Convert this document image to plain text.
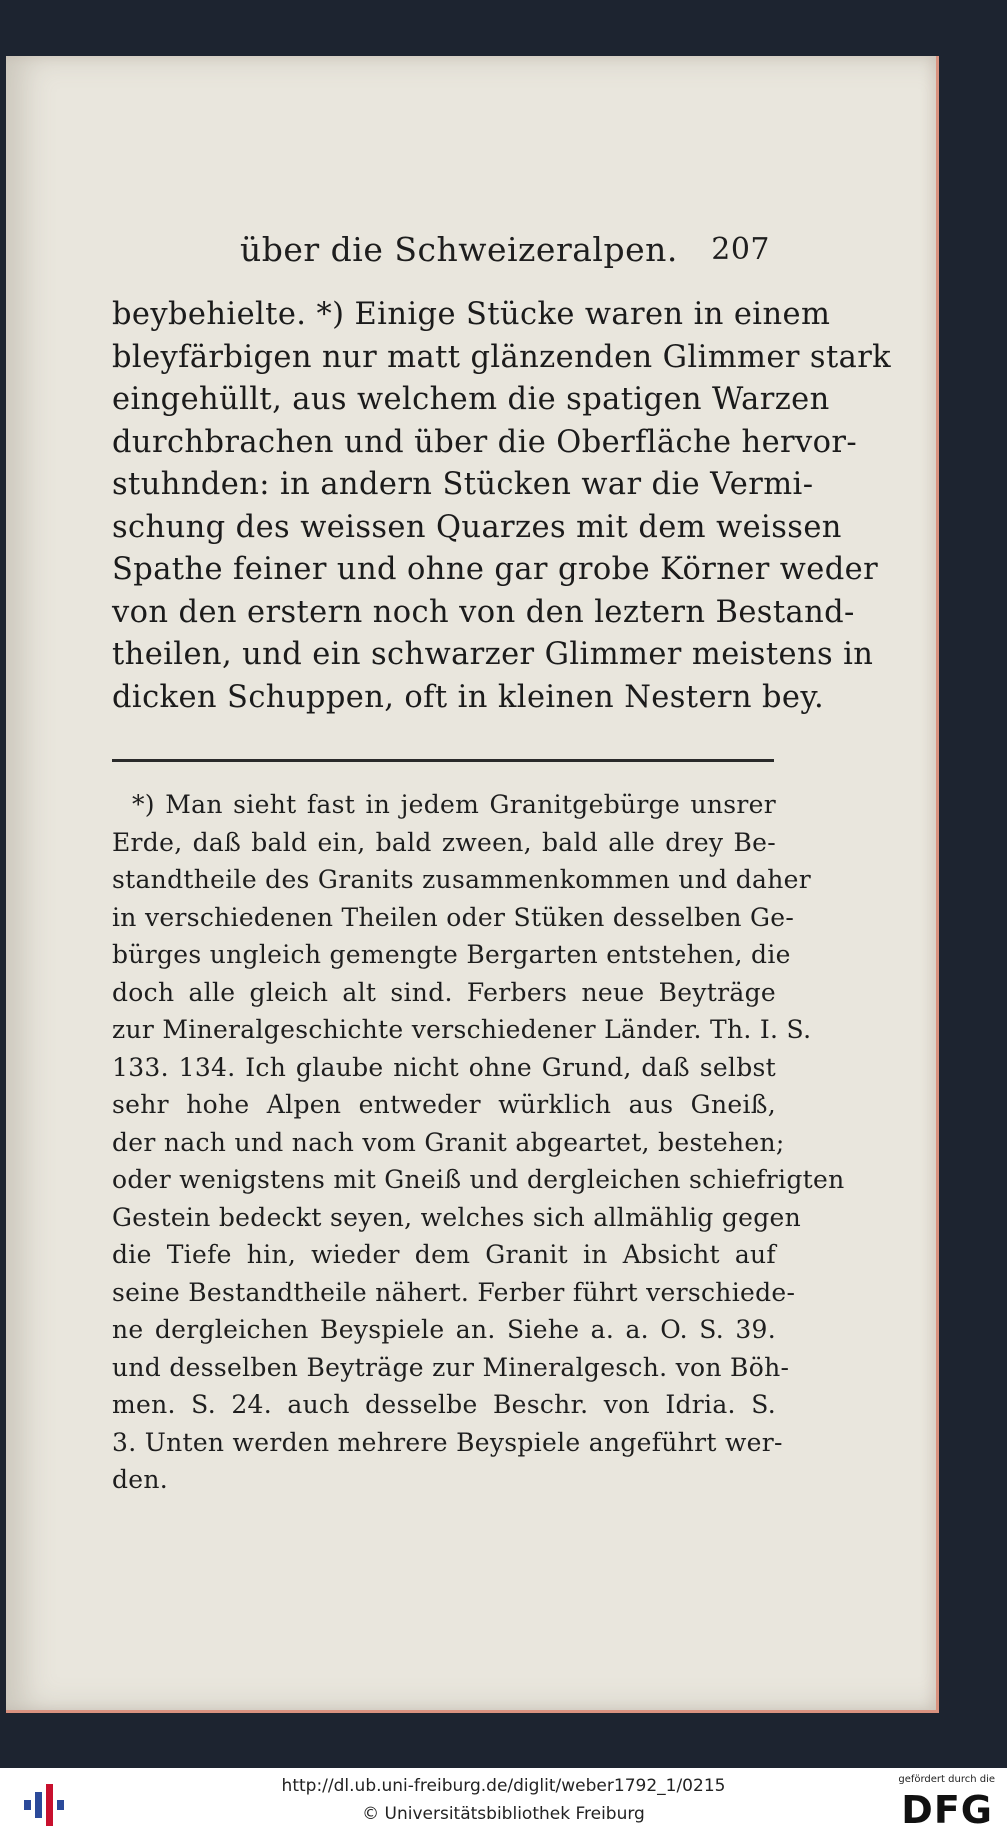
über die Schweizeralpen. 207
beybehielte. *) Einige Stücke waren in einem
bleyfärbigen nur matt glänzenden Glimmer stark
eingehüllt, aus welchem die spatigen Warzen
durchbrachen und über die Oberfläche hervor-
stuhnden: in andern Stücken war die Vermi-
schung des weissen Quarzes mit dem weissen
Spathe feiner und ohne gar grobe Körner weder
von den erstern noch von den leztern Bestand-
theilen, und ein schwarzer Glimmer meistens in
dicken Schuppen, oft in kleinen Nestern bey.
*) Man sieht fast in jedem Granitgebürge unsrer
Erde, daß bald ein, bald zween, bald alle drey Be-
standtheile des Granits zusammenkommen und daher
in verschiedenen Theilen oder Stüken desselben Ge-
bürges ungleich gemengte Bergarten entstehen, die
doch alle gleich alt sind. Ferbers neue Beyträge
zur Mineralgeschichte verschiedener Länder. Th. I. S.
133. 134. Ich glaube nicht ohne Grund, daß selbst
sehr hohe Alpen entweder würklich aus Gneiß,
der nach und nach vom Granit abgeartet, bestehen;
oder wenigstens mit Gneiß und dergleichen schiefrigten
Gestein bedeckt seyen, welches sich allmählig gegen
die Tiefe hin, wieder dem Granit in Absicht auf
seine Bestandtheile nähert. Ferber führt verschiede-
ne dergleichen Beyspiele an. Siehe a. a. O. S. 39.
und desselben Beyträge zur Mineralgesch. von Böh-
men. S. 24. auch desselbe Beschr. von Idria. S.
3. Unten werden mehrere Beyspiele angeführt wer-
den.
http://dl.ub.uni-freiburg.de/diglit/weber1792_1/0215
© Universitätsbibliothek Freiburg
gefördert durch die
DFG
